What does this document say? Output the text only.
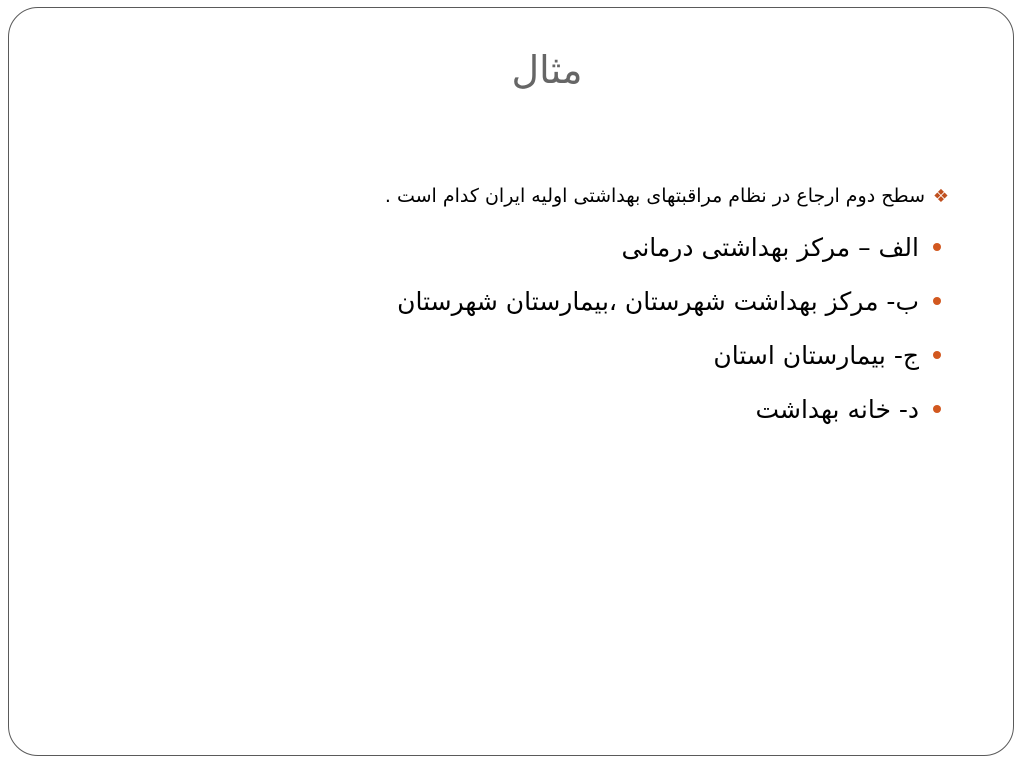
مثال
❖
سطح دوم ارجاع در نظام مراقبتهای بهداشتی اولیه ایران کدام است .
الف – مرکز بهداشتی درمانی
ب- مرکز بهداشت شهرستان ،بیمارستان شهرستان
ج- بیمارستان استان
د- خانه بهداشت
